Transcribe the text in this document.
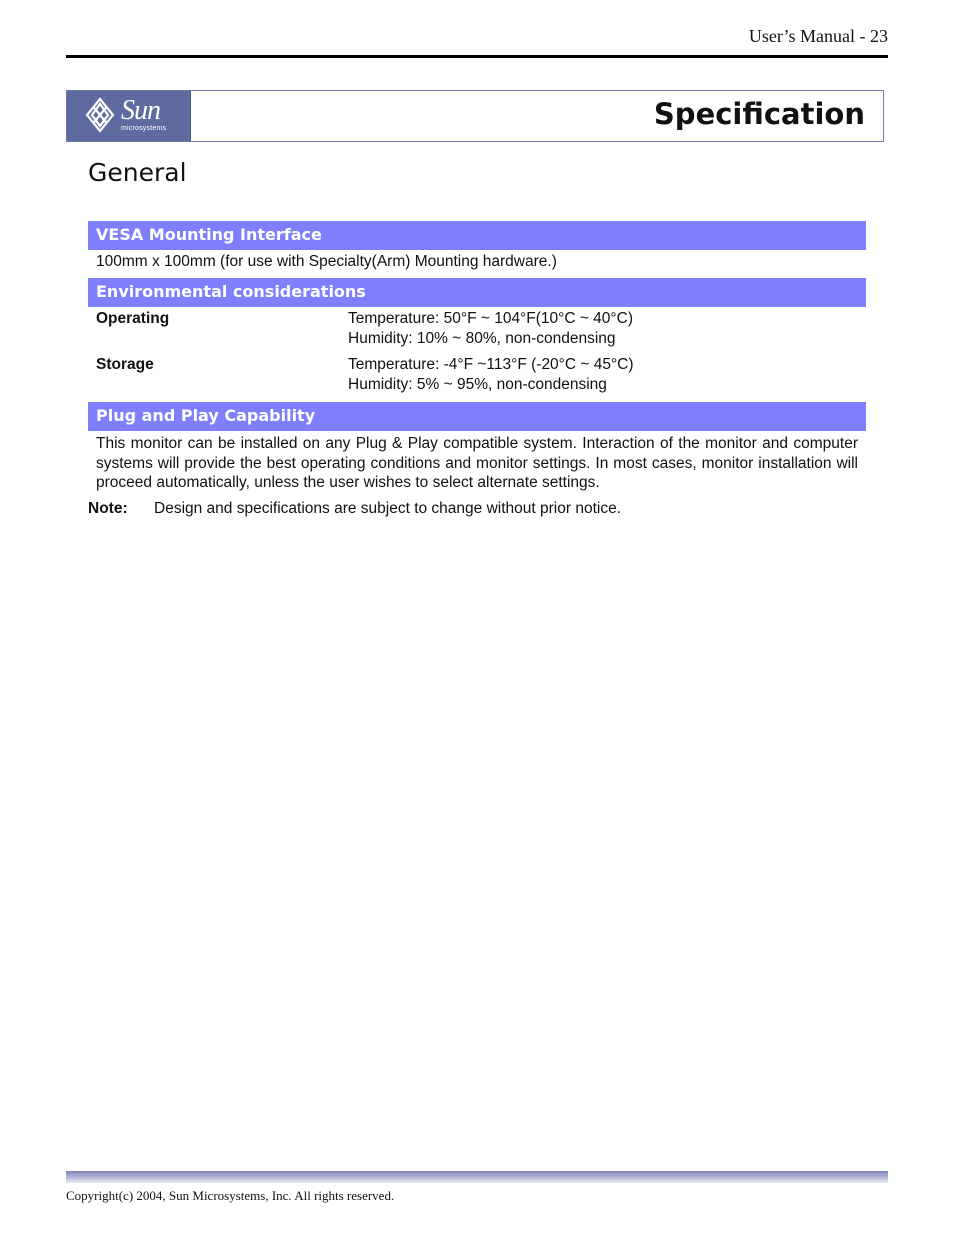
User’s Manual - 23
Sun
microsystems	Specification
General
VESA Mounting Interface
100mm x 100mm (for use with Specialty(Arm) Mounting hardware.)
Environmental considerations
Operating	Temperature: 50°F ~ 104°F(10°C ~ 40°C)
Humidity: 10% ~ 80%, non-condensing
Storage	Temperature: -4°F ~113°F (-20°C ~ 45°C)
Humidity: 5% ~ 95%, non-condensing
Plug and Play Capability
This monitor can be installed on any Plug & Play compatible system. Interaction of the monitor and computer systems will provide the best operating conditions and monitor settings. In most cases, monitor installation will proceed automatically, unless the user wishes to select alternate settings.
Note:	Design and specifications are subject to change without prior notice.
Copyright(c) 2004, Sun Microsystems, Inc. All rights reserved.
